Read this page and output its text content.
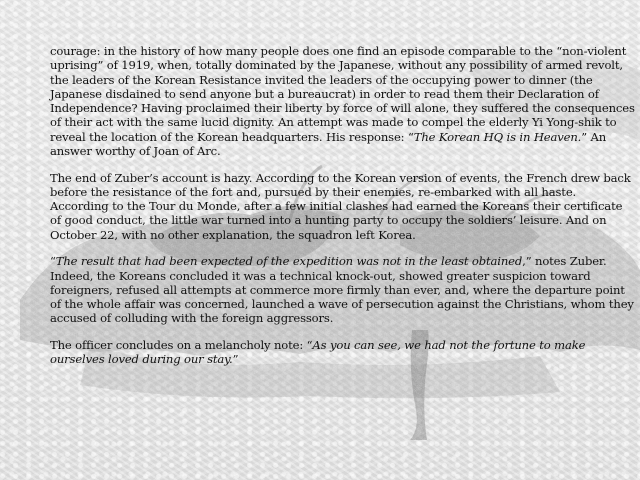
courage: in the history of how many people does one find an episode comparable to the “non-violent uprising” of 1919, when, totally dominated by the Japanese, without any possibility of armed revolt, the leaders of the Korean Resistance invited the leaders of the occupying power to dinner (the Japanese disdained to send anyone but a bureaucrat) in order to read them their Declaration of Independence? Having proclaimed their liberty by force of will alone, they suffered the consequences of their act with the same lucid dignity. An attempt was made to compel the elderly Yi Yong-shik to reveal the location of the Korean headquarters. His response: “The Korean HQ is in Heaven.” An answer worthy of Joan of Arc.

The end of Zuber’s account is hazy. According to the Korean version of events, the French drew back before the resistance of the fort and, pursued by their enemies, re-embarked with all haste. According to the Tour du Monde, after a few initial clashes had earned the Koreans their certificate of good conduct, the little war turned into a hunting party to occupy the soldiers’ leisure. And on October 22, with no other explanation, the squadron left Korea.

“The result that had been expected of the expedition was not in the least obtained,” notes Zuber. Indeed, the Koreans concluded it was a technical knock-out, showed greater suspicion toward foreigners, refused all attempts at commerce more firmly than ever, and, where the departure point of the whole affair was concerned, launched a wave of persecution against the Christians, whom they accused of colluding with the foreign aggressors.

The officer concludes on a melancholy note: “As you can see, we had not the fortune to make ourselves loved during our stay.”
